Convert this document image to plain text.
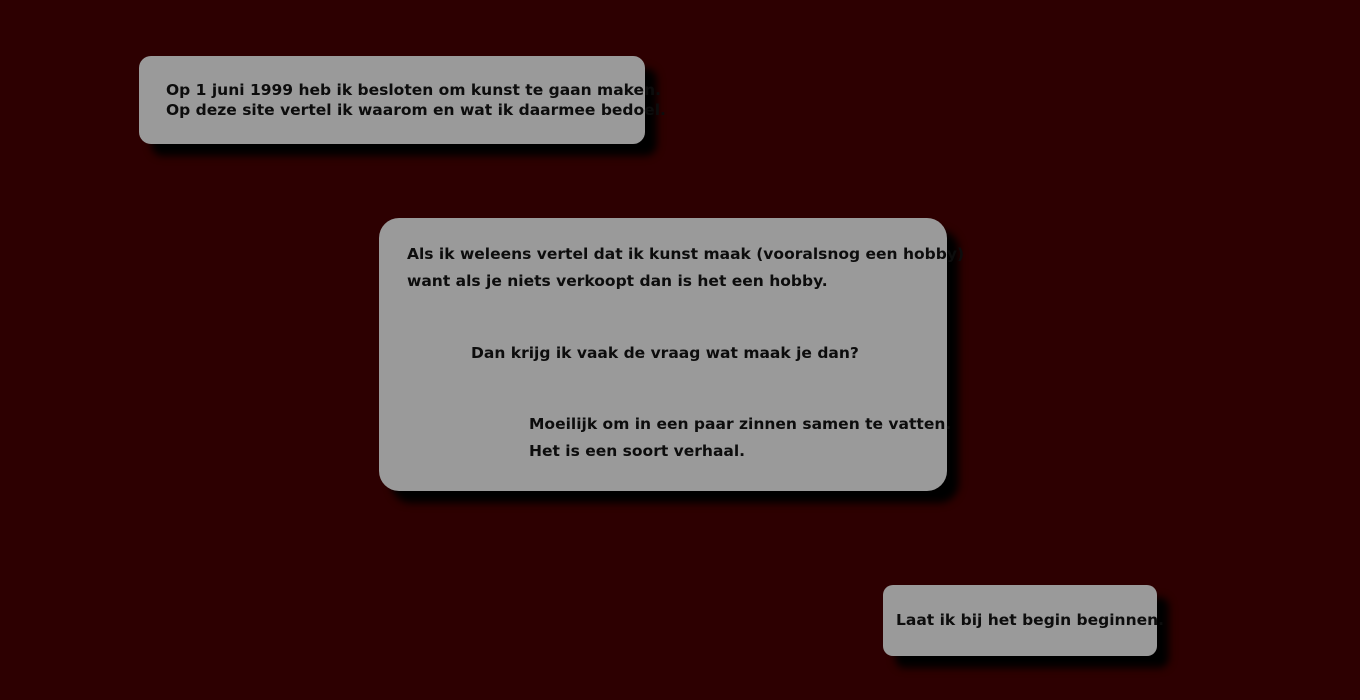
Op 1 juni 1999 heb ik besloten om kunst te gaan maken.

Op deze site vertel ik waarom en wat ik daarmee bedoel.

Als ik weleens vertel dat ik kunst maak (vooralsnog een hobby)

want als je niets verkoopt dan is het een hobby.

Dan krijg ik vaak de vraag wat maak je dan?

Moeilijk om in een paar zinnen samen te vatten.

Het is een soort verhaal.

Laat ik bij het begin beginnen.
